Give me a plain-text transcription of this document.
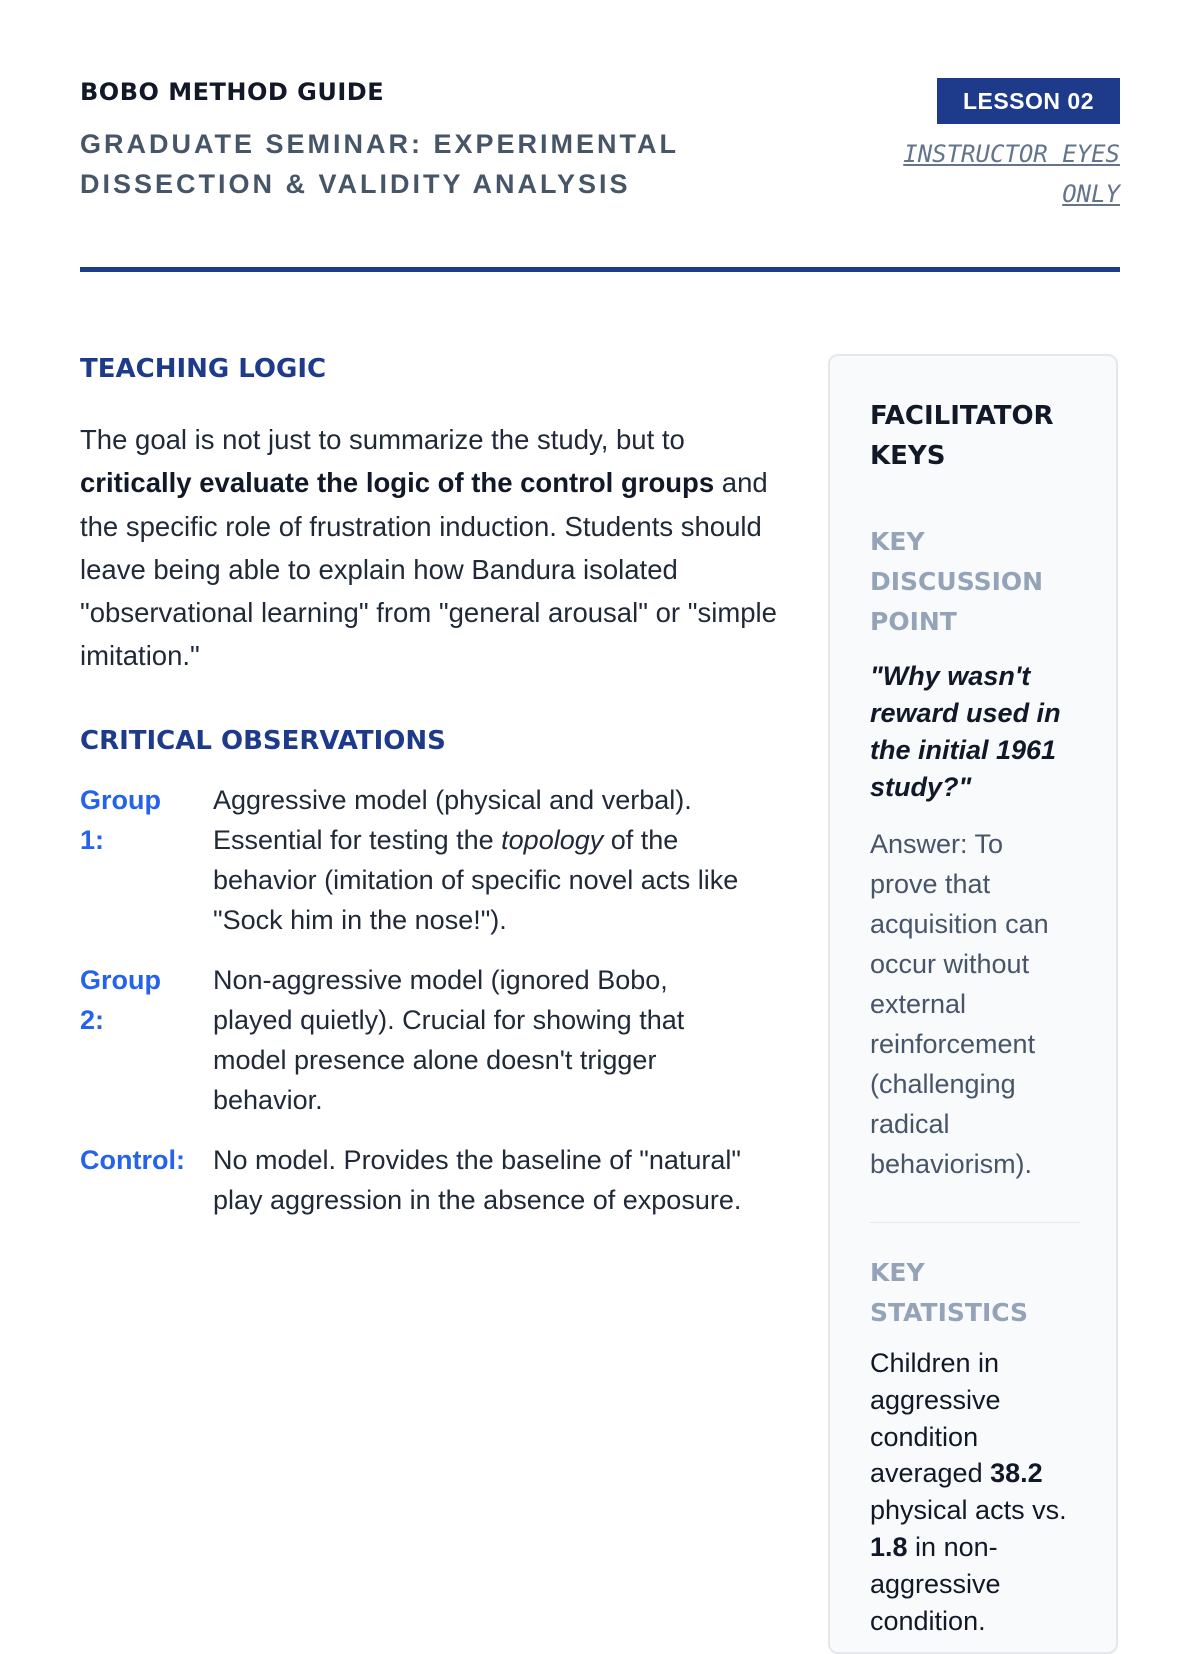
BOBO METHOD GUIDE
GRADUATE SEMINAR: EXPERIMENTAL DISSECTION & VALIDITY ANALYSIS
LESSON 02
INSTRUCTOR EYES ONLY
TEACHING LOGIC
The goal is not just to summarize the study, but to critically evaluate the logic of the control groups and the specific role of frustration induction. Students should leave being able to explain how Bandura isolated "observational learning" from "general arousal" or "simple imitation."
CRITICAL OBSERVATIONS
Group 1:
Aggressive model (physical and verbal). Essential for testing the topology of the behavior (imitation of specific novel acts like "Sock him in the nose!").
Group 2:
Non-aggressive model (ignored Bobo, played quietly). Crucial for showing that model presence alone doesn't trigger behavior.
Control:	No model. Provides the baseline of "natural" play aggression in the absence of exposure.
FACILITATOR KEYS
KEY DISCUSSION POINT
"Why wasn't reward used in the initial 1961 study?"
Answer: To prove that acquisition can occur without external reinforcement (challenging radical behaviorism).
KEY STATISTICS
Children in aggressive condition averaged 38.2 physical acts vs. 1.8 in non-aggressive condition.
